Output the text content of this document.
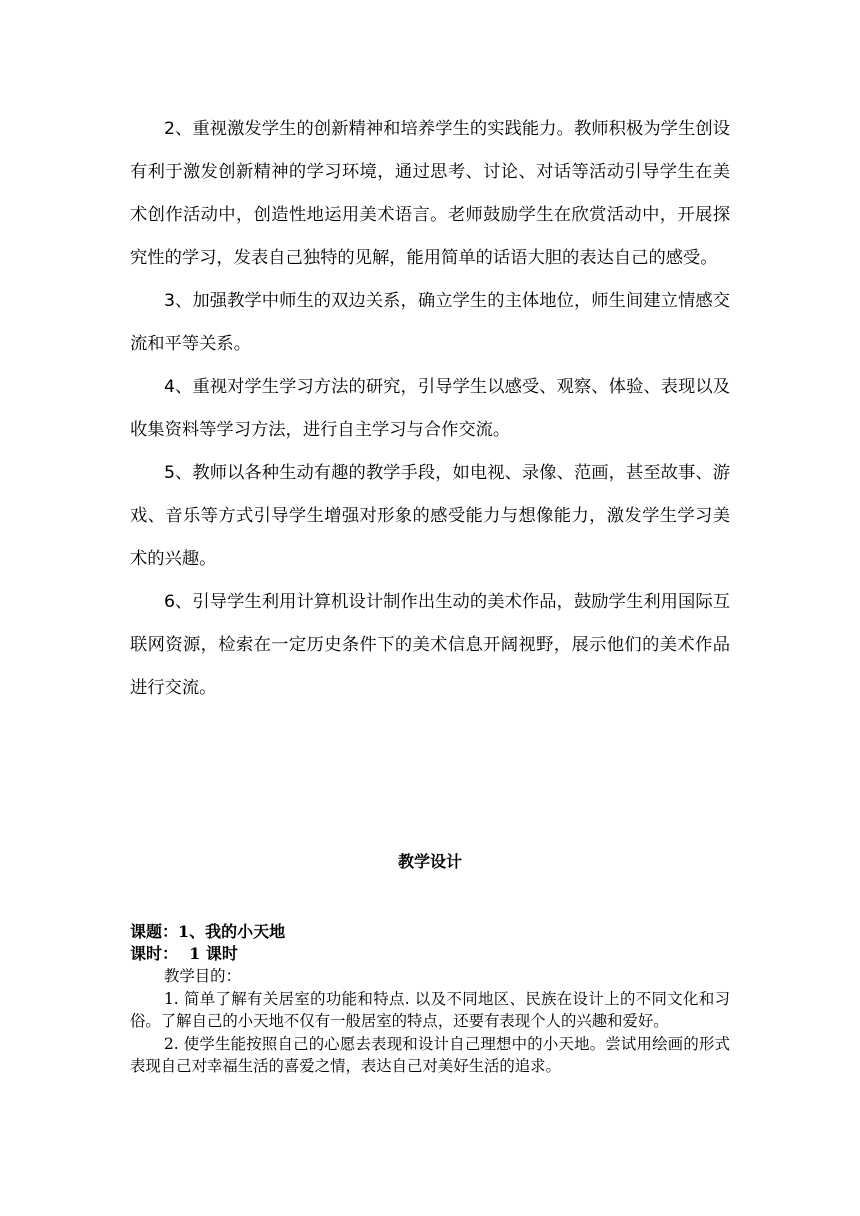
2、重视激发学生的创新精神和培养学生的实践能力。教师积极为学生创设有利于激发创新精神的学习环境，通过思考、讨论、对话等活动引导学生在美术创作活动中，创造性地运用美术语言。老师鼓励学生在欣赏活动中，开展探究性的学习，发表自己独特的见解，能用简单的话语大胆的表达自己的感受。

3、加强教学中师生的双边关系，确立学生的主体地位，师生间建立情感交流和平等关系。

4、重视对学生学习方法的研究，引导学生以感受、观察、体验、表现以及收集资料等学习方法，进行自主学习与合作交流。

5、教师以各种生动有趣的教学手段，如电视、录像、范画，甚至故事、游戏、音乐等方式引导学生增强对形象的感受能力与想像能力，激发学生学习美术的兴趣。

6、引导学生利用计算机设计制作出生动的美术作品，鼓励学生利用国际互联网资源，检索在一定历史条件下的美术信息开阔视野，展示他们的美术作品进行交流。

教学设计
课题：1、我的小天地
课时： 1 课时

教学目的：

1. 简单了解有关居室的功能和特点. 以及不同地区、民族在设计上的不同文化和习俗。了解自己的小天地不仅有一般居室的特点，还要有表现个人的兴趣和爱好。

2. 使学生能按照自己的心愿去表现和设计自己理想中的小天地。尝试用绘画的形式表现自己对幸福生活的喜爱之情，表达自己对美好生活的追求。
